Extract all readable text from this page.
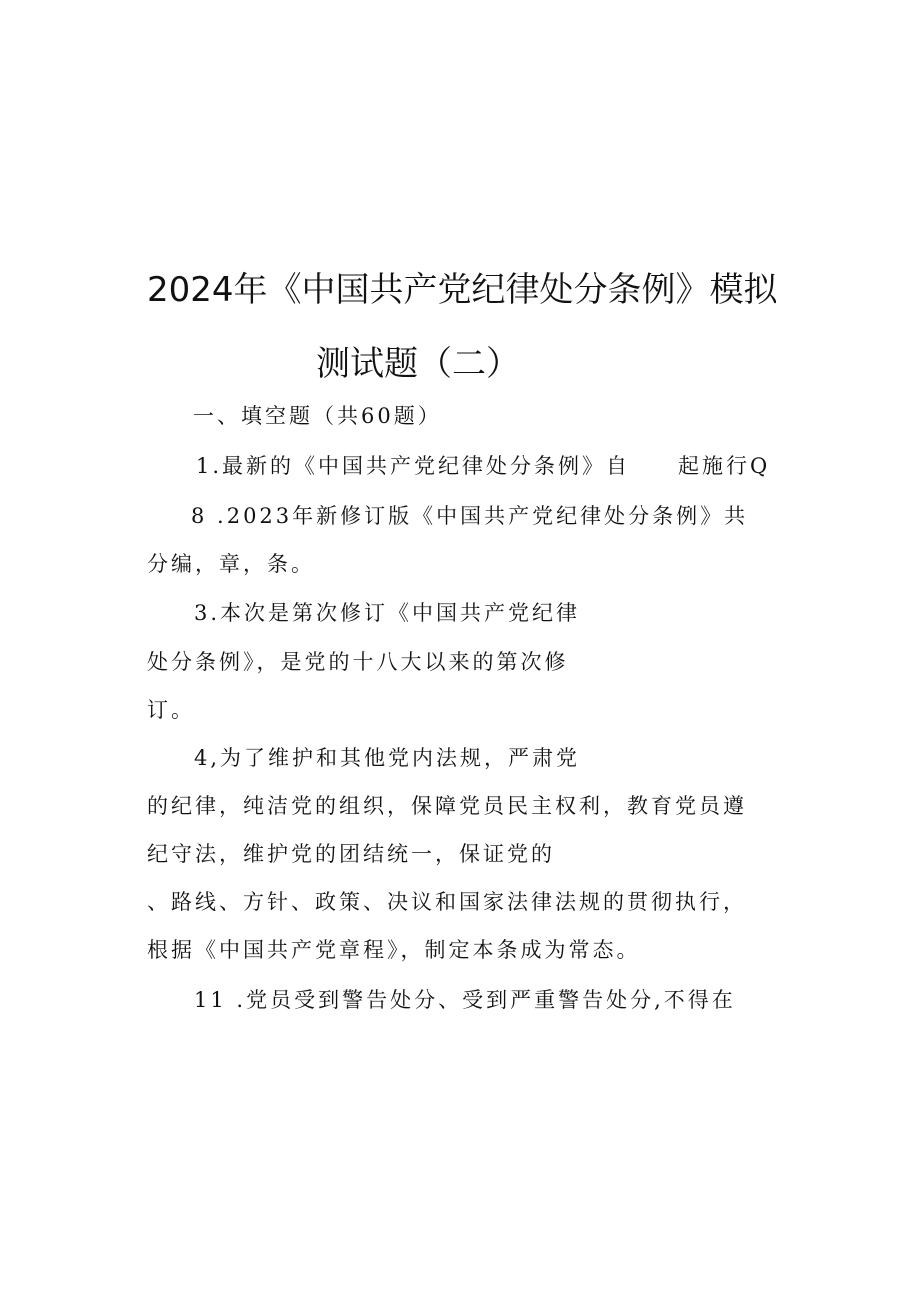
2024年《中国共产党纪律处分条例》模拟
测试题（二）
一、填空题（共60题）
1.最新的《中国共产党纪律处分条例》自　　起施行Q
8 .2023年新修订版《中国共产党纪律处分条例》共
分编，章，条。
3.本次是第次修订《中国共产党纪律
处分条例》，是党的十八大以来的第次修
订。
4,为了维护和其他党内法规，严肃党
的纪律，纯洁党的组织，保障党员民主权利，教育党员遵
纪守法，维护党的团结统一，保证党的
、路线、方针、政策、决议和国家法律法规的贯彻执行，
根据《中国共产党章程》，制定本条成为常态。
11 .党员受到警告处分、受到严重警告处分,不得在
